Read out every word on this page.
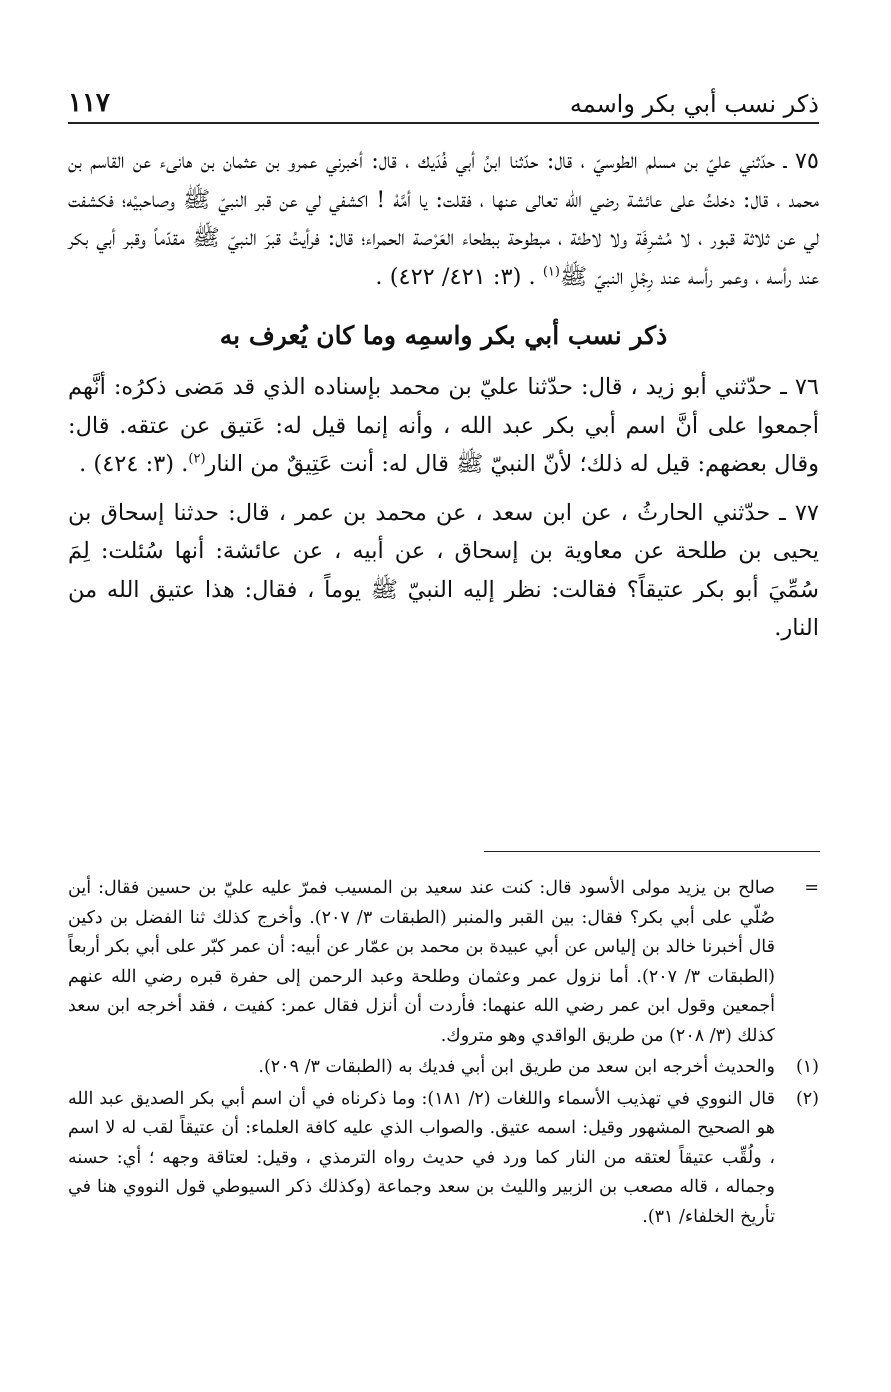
ذكر نسب أبي بكر واسمه
١١٧

٧٥ ـ حدّثني عليّ بن مسلم الطوسيّ ، قال: حدّثنا ابنُ أبي فُدَيك ، قال: أخبرني عمرو بن عثمان بن هانىء عن القاسم بن محمد ، قال: دخلتُ على عائشة رضي الله تعالى عنها ، فقلت: يا أمَّهْ ! اكشفي لي عن قبر النبيّ ﷺ وصاحبيْه؛ فكشفت لي عن ثلاثة قبور ، لا مُشرِفَة ولا لاطئة ، مبطوحة ببطحاء العَرْصة الحمراء؛ قال: فرأيتُ قبرَ النبيّ ﷺ مقدّماً وقبر أبي بكر عند رأسه ، وعمر رأسه عند رِجْلِ النبيّ ﷺ$^{(١)}$ . (٣: ٤٢١/ ٤٢٢) .

ذكر نسب أبي بكر واسمِه وما كان يُعرف به

٧٦ ـ حدّثني أبو زيد ، قال: حدّثنا عليّ بن محمد بإسناده الذي قد مَضى ذكرُه: أنَّهم أجمعوا على أنَّ اسم أبي بكر عبد الله ، وأنه إنما قيل له: عَتيق عن عتقه. قال: وقال بعضهم: قيل له ذلك؛ لأنّ النبيّ ﷺ قال له: أنت عَتِيقٌ من النار$^{(٢)}$. (٣: ٤٢٤) .

٧٧ ـ حدّثني الحارثُ ، عن ابن سعد ، عن محمد بن عمر ، قال: حدثنا إسحاق بن يحيى بن طلحة عن معاوية بن إسحاق ، عن أبيه ، عن عائشة: أنها سُئلت: لِمَ سُمِّيَ أبو بكر عتيقاً؟ فقالت: نظر إليه النبيّ ﷺ يوماً ، فقال: هذا عتيق الله من النار.

=
صالح بن يزيد مولى الأسود قال: كنت عند سعيد بن المسيب فمرّ عليه عليّ بن حسين فقال: أين صُلّي على أبي بكر؟ فقال: بين القبر والمنبر (الطبقات ٣/ ٢٠٧). وأخرج كذلك ثنا الفضل بن دكين قال أخبرنا خالد بن إلياس عن أبي عبيدة بن محمد بن عمّار عن أبيه: أن عمر كبّر على أبي بكر أربعاً (الطبقات ٣/ ٢٠٧). أما نزول عمر وعثمان وطلحة وعبد الرحمن إلى حفرة قبره رضي الله عنهم أجمعين وقول ابن عمر رضي الله عنهما: فأردت أن أنزل فقال عمر: كفيت ، فقد أخرجه ابن سعد كذلك (٣/ ٢٠٨) من طريق الواقدي وهو متروك.
(١)
والحديث أخرجه ابن سعد من طريق ابن أبي فديك به (الطبقات ٣/ ٢٠٩).
(٢)
قال النووي في تهذيب الأسماء واللغات (٢/ ١٨١): وما ذكرناه في أن اسم أبي بكر الصديق عبد الله هو الصحيح المشهور وقيل: اسمه عتيق. والصواب الذي عليه كافة العلماء: أن عتيقاً لقب له لا اسم ، ولُقِّب عتيقاً لعتقه من النار كما ورد في حديث رواه الترمذي ، وقيل: لعتاقة وجهه ؛ أي: حسنه وجماله ، قاله مصعب بن الزبير والليث بن سعد وجماعة (وكذلك ذكر السيوطي قول النووي هنا في تأريخ الخلفاء/ ٣١).
